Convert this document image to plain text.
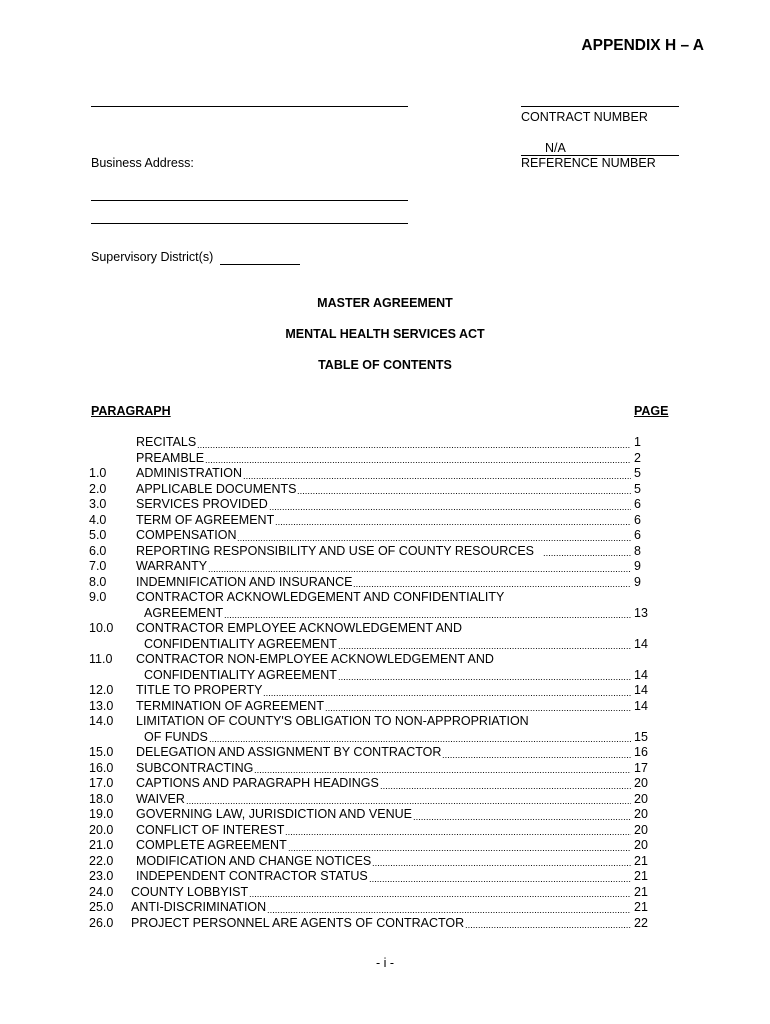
APPENDIX H – A
Business Address:
Supervisory District(s)
CONTRACT NUMBER
N/A
REFERENCE NUMBER
MASTER AGREEMENT
MENTAL HEALTH SERVICES ACT
TABLE OF CONTENTS
PARAGRAPH	PAGE
RECITALS	1
PREAMBLE	2
1.0 ADMINISTRATION	5
2.0 APPLICABLE DOCUMENTS	5
3.0 SERVICES PROVIDED	6
4.0 TERM OF AGREEMENT	6
5.0 COMPENSATION	6
6.0 REPORTING RESPONSIBILITY AND USE OF COUNTY RESOURCES	8
7.0 WARRANTY	9
8.0 INDEMNIFICATION AND INSURANCE	9
9.0 CONTRACTOR ACKNOWLEDGEMENT AND CONFIDENTIALITY
AGREEMENT	13
10.0 CONTRACTOR EMPLOYEE ACKNOWLEDGEMENT AND
CONFIDENTIALITY AGREEMENT	14
11.0 CONTRACTOR NON-EMPLOYEE ACKNOWLEDGEMENT AND
CONFIDENTIALITY AGREEMENT	14
12.0 TITLE TO PROPERTY	14
13.0 TERMINATION OF AGREEMENT	14
14.0 LIMITATION OF COUNTY'S OBLIGATION TO NON-APPROPRIATION
OF FUNDS	15
15.0 DELEGATION AND ASSIGNMENT BY CONTRACTOR	16
16.0 SUBCONTRACTING	17
17.0 CAPTIONS AND PARAGRAPH HEADINGS	20
18.0 WAIVER	20
19.0 GOVERNING LAW, JURISDICTION AND VENUE	20
20.0 CONFLICT OF INTEREST	20
21.0 COMPLETE AGREEMENT	20
22.0 MODIFICATION AND CHANGE NOTICES	21
23.0 INDEPENDENT CONTRACTOR STATUS	21
24.0 COUNTY LOBBYIST	21
25.0 ANTI-DISCRIMINATION	21
26.0 PROJECT PERSONNEL ARE AGENTS OF CONTRACTOR	22
- i -
